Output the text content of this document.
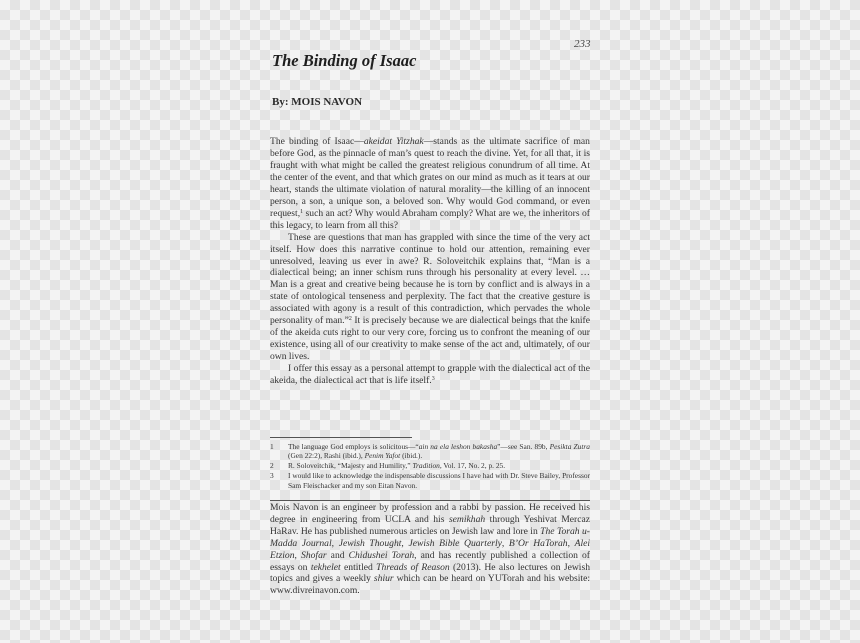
233
The Binding of Isaac

By: MOIS NAVON

The binding of Isaac—akeidat Yitzhak—stands as the ultimate sacrifice of man before God, as the pinnacle of man’s quest to reach the divine. Yet, for all that, it is fraught with what might be called the greatest religious conundrum of all time. At the center of the event, and that which grates on our mind as much as it tears at our heart, stands the ultimate violation of natural morality—the killing of an innocent person, a son, a unique son, a beloved son. Why would God command, or even request,$^1$ such an act? Why would Abraham comply? What are we, the inheritors of this legacy, to learn from all this?

These are questions that man has grappled with since the time of the very act itself. How does this narrative continue to hold our attention, remaining ever unresolved, leaving us ever in awe? R. Soloveitchik explains that, “Man is a dialectical being; an inner schism runs through his personality at every level. … Man is a great and creative being because he is torn by conflict and is always in a state of ontological tenseness and perplexity. The fact that the creative gesture is associated with agony is a result of this contradiction, which pervades the whole personality of man.”$^2$ It is precisely because we are dialectical beings that the knife of the akeida cuts right to our very core, forcing us to confront the meaning of our existence, using all of our creativity to make sense of the act and, ultimately, of our own lives.

I offer this essay as a personal attempt to grapple with the dialectical act of the akeida, the dialectical act that is life itself.$^3$

1	The language God employs is solicitous—“ain na ela leshon bakasha”—see San. 89b, Pesikta Zutra (Gen 22:2), Rashi (ibid.), Penim Yafot (ibid.).
2	R. Soloveitchik, “Majesty and Humility,” Tradition, Vol. 17, No. 2, p. 25.
3	I would like to acknowledge the indispensable discussions I have had with Dr. Steve Bailey, Professor Sam Fleischacker and my son Eitan Navon.

Mois Navon is an engineer by profession and a rabbi by passion. He received his degree in engineering from UCLA and his semikhah through Yeshivat Mercaz HaRav. He has published numerous articles on Jewish law and lore in The Torah u-Madda Journal, Jewish Thought, Jewish Bible Quarterly, B’Or HaTorah, Alei Etzion, Shofar and Chidushei Torah, and has recently published a collection of essays on tekhelet entitled Threads of Reason (2013). He also lectures on Jewish topics and gives a weekly shiur which can be heard on YUTorah and his website: www.divreinavon.com.
